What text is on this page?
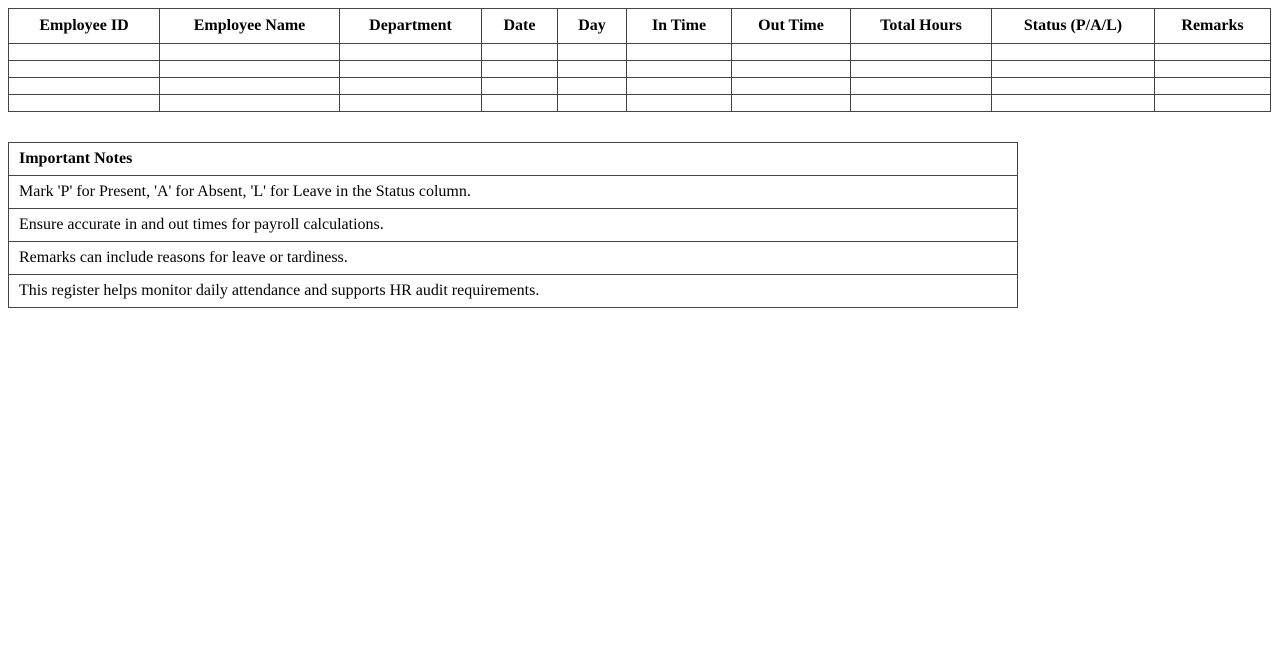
Employee ID	Employee Name	Department	Date	Day	In Time	Out Time	Total Hours	Status (P/A/L)	Remarks

Important Notes
Mark 'P' for Present, 'A' for Absent, 'L' for Leave in the Status column.
Ensure accurate in and out times for payroll calculations.
Remarks can include reasons for leave or tardiness.
This register helps monitor daily attendance and supports HR audit requirements.
